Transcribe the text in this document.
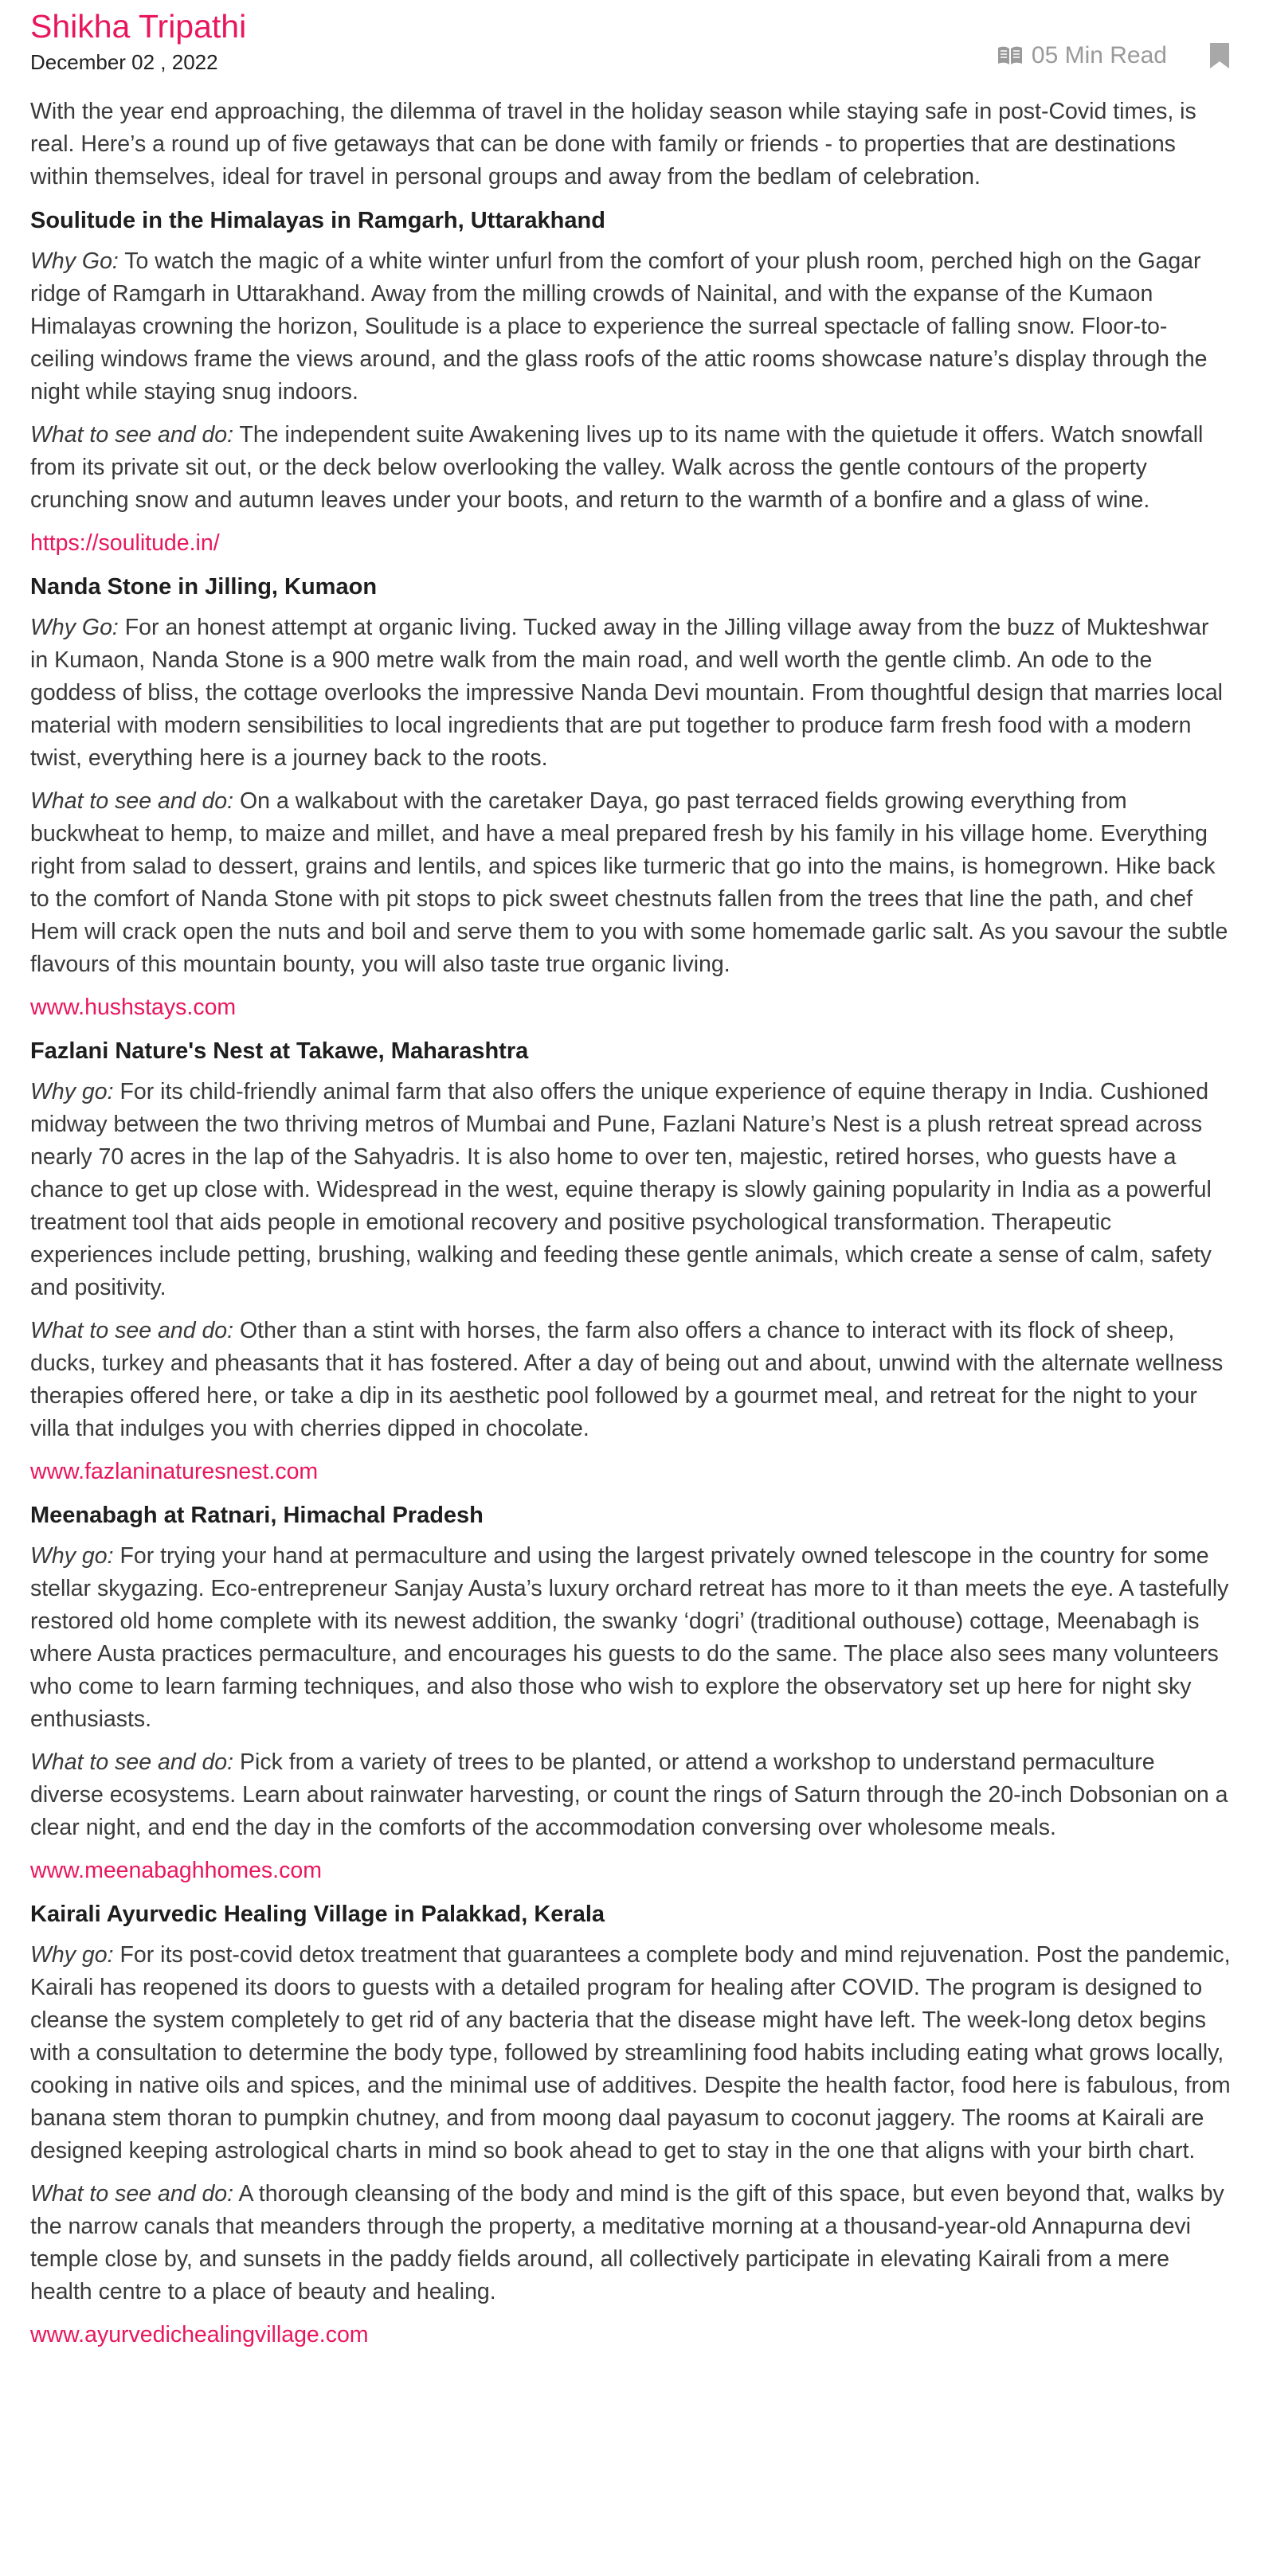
Shikha Tripathi
December 02 , 2022	05 Min Read

With the year end approaching, the dilemma of travel in the holiday season while staying safe in post-Covid times, is real. Here’s a round up of five getaways that can be done with family or friends - to properties that are destinations within themselves, ideal for travel in personal groups and away from the bedlam of celebration.

Soulitude in the Himalayas in Ramgarh, Uttarakhand

Why Go: To watch the magic of a white winter unfurl from the comfort of your plush room, perched high on the Gagar ridge of Ramgarh in Uttarakhand. Away from the milling crowds of Nainital, and with the expanse of the Kumaon Himalayas crowning the horizon, Soulitude is a place to experience the surreal spectacle of falling snow. Floor-to-ceiling windows frame the views around, and the glass roofs of the attic rooms showcase nature’s display through the night while staying snug indoors.

What to see and do: The independent suite Awakening lives up to its name with the quietude it offers. Watch snowfall from its private sit out, or the deck below overlooking the valley. Walk across the gentle contours of the property crunching snow and autumn leaves under your boots, and return to the warmth of a bonfire and a glass of wine.

https://soulitude.in/

Nanda Stone in Jilling, Kumaon

Why Go: For an honest attempt at organic living. Tucked away in the Jilling village away from the buzz of Mukteshwar in Kumaon, Nanda Stone is a 900 metre walk from the main road, and well worth the gentle climb. An ode to the goddess of bliss, the cottage overlooks the impressive Nanda Devi mountain. From thoughtful design that marries local material with modern sensibilities to local ingredients that are put together to produce farm fresh food with a modern twist, everything here is a journey back to the roots.

What to see and do: On a walkabout with the caretaker Daya, go past terraced fields growing everything from buckwheat to hemp, to maize and millet, and have a meal prepared fresh by his family in his village home. Everything right from salad to dessert, grains and lentils, and spices like turmeric that go into the mains, is homegrown. Hike back to the comfort of Nanda Stone with pit stops to pick sweet chestnuts fallen from the trees that line the path, and chef Hem will crack open the nuts and boil and serve them to you with some homemade garlic salt. As you savour the subtle flavours of this mountain bounty, you will also taste true organic living.

www.hushstays.com

Fazlani Nature's Nest at Takawe, Maharashtra

Why go: For its child-friendly animal farm that also offers the unique experience of equine therapy in India. Cushioned midway between the two thriving metros of Mumbai and Pune, Fazlani Nature’s Nest is a plush retreat spread across nearly 70 acres in the lap of the Sahyadris. It is also home to over ten, majestic, retired horses, who guests have a chance to get up close with. Widespread in the west, equine therapy is slowly gaining popularity in India as a powerful treatment tool that aids people in emotional recovery and positive psychological transformation. Therapeutic experiences include petting, brushing, walking and feeding these gentle animals, which create a sense of calm, safety and positivity.

What to see and do: Other than a stint with horses, the farm also offers a chance to interact with its flock of sheep, ducks, turkey and pheasants that it has fostered. After a day of being out and about, unwind with the alternate wellness therapies offered here, or take a dip in its aesthetic pool followed by a gourmet meal, and retreat for the night to your villa that indulges you with cherries dipped in chocolate.

www.fazlaninaturesnest.com

Meenabagh at Ratnari, Himachal Pradesh

Why go: For trying your hand at permaculture and using the largest privately owned telescope in the country for some stellar skygazing. Eco-entrepreneur Sanjay Austa’s luxury orchard retreat has more to it than meets the eye. A tastefully restored old home complete with its newest addition, the swanky ‘dogri’ (traditional outhouse) cottage, Meenabagh is where Austa practices permaculture, and encourages his guests to do the same. The place also sees many volunteers who come to learn farming techniques, and also those who wish to explore the observatory set up here for night sky enthusiasts.

What to see and do: Pick from a variety of trees to be planted, or attend a workshop to understand permaculture diverse ecosystems. Learn about rainwater harvesting, or count the rings of Saturn through the 20-inch Dobsonian on a clear night, and end the day in the comforts of the accommodation conversing over wholesome meals.

www.meenabaghhomes.com

Kairali Ayurvedic Healing Village in Palakkad, Kerala

Why go: For its post-covid detox treatment that guarantees a complete body and mind rejuvenation. Post the pandemic, Kairali has reopened its doors to guests with a detailed program for healing after COVID. The program is designed to cleanse the system completely to get rid of any bacteria that the disease might have left. The week-long detox begins with a consultation to determine the body type, followed by streamlining food habits including eating what grows locally, cooking in native oils and spices, and the minimal use of additives. Despite the health factor, food here is fabulous, from banana stem thoran to pumpkin chutney, and from moong daal payasum to coconut jaggery. The rooms at Kairali are designed keeping astrological charts in mind so book ahead to get to stay in the one that aligns with your birth chart.

What to see and do: A thorough cleansing of the body and mind is the gift of this space, but even beyond that, walks by the narrow canals that meanders through the property, a meditative morning at a thousand-year-old Annapurna devi temple close by, and sunsets in the paddy fields around, all collectively participate in elevating Kairali from a mere health centre to a place of beauty and healing.

www.ayurvedichealingvillage.com
